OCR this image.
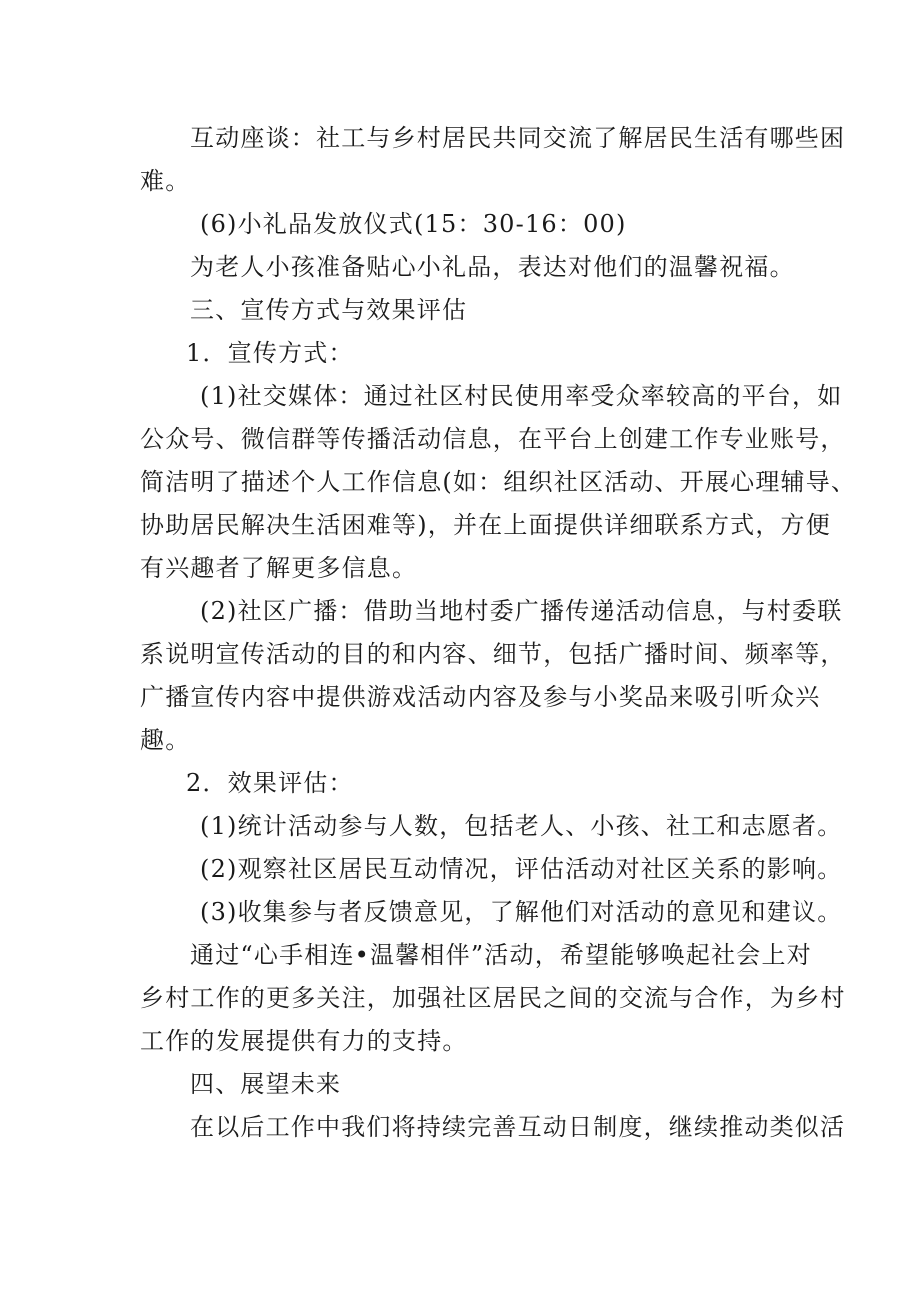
互动座谈：社工与乡村居民共同交流了解居民生活有哪些困
难。
(6)小礼品发放仪式(15：30-16：00)
为老人小孩准备贴心小礼品，表达对他们的温馨祝福。
三、宣传方式与效果评估
1．宣传方式：
(1)社交媒体：通过社区村民使用率受众率较高的平台，如
公众号、微信群等传播活动信息，在平台上创建工作专业账号，
简洁明了描述个人工作信息(如：组织社区活动、开展心理辅导、
协助居民解决生活困难等)，并在上面提供详细联系方式，方便
有兴趣者了解更多信息。
(2)社区广播：借助当地村委广播传递活动信息，与村委联
系说明宣传活动的目的和内容、细节，包括广播时间、频率等，
广播宣传内容中提供游戏活动内容及参与小奖品来吸引听众兴
趣。
2．效果评估：
(1)统计活动参与人数，包括老人、小孩、社工和志愿者。
(2)观察社区居民互动情况，评估活动对社区关系的影响。
(3)收集参与者反馈意见，了解他们对活动的意见和建议。
通过“心手相连•温馨相伴”活动，希望能够唤起社会上对
乡村工作的更多关注，加强社区居民之间的交流与合作，为乡村
工作的发展提供有力的支持。
四、展望未来
在以后工作中我们将持续完善互动日制度，继续推动类似活
